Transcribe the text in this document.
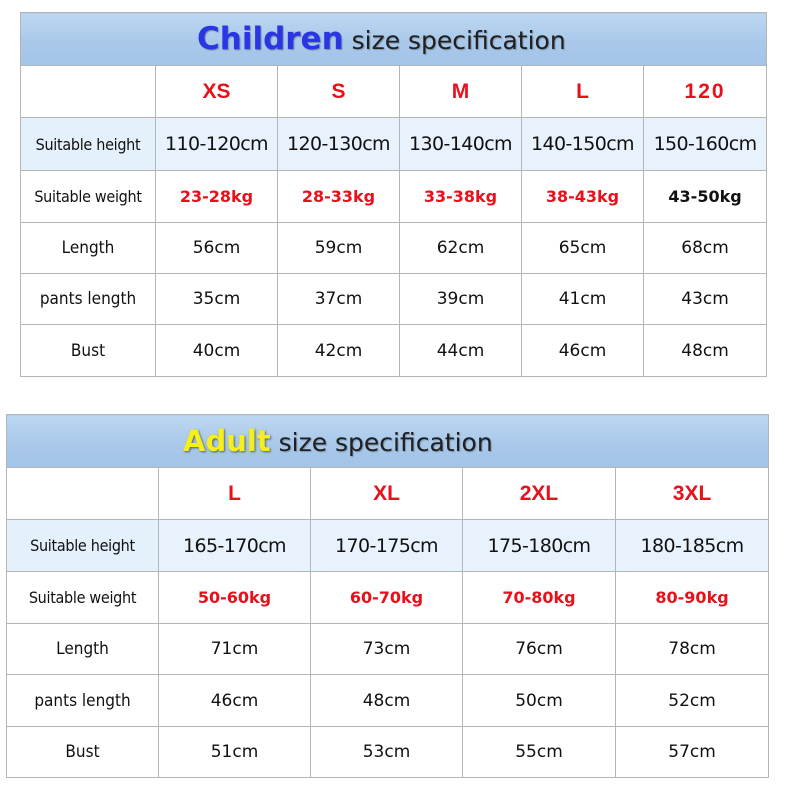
Children size specification					
	XS	S	M	L	120
Suitable height	110-120cm	120-130cm	130-140cm	140-150cm	150-160cm
Suitable weight	23-28kg	28-33kg	33-38kg	38-43kg	43-50kg
Length	56cm	59cm	62cm	65cm	68cm
pants length	35cm	37cm	39cm	41cm	43cm
Bust	40cm	42cm	44cm	46cm	48cm
Adult size specification				
	L	XL	2XL	3XL
Suitable height	165-170cm	170-175cm	175-180cm	180-185cm
Suitable weight	50-60kg	60-70kg	70-80kg	80-90kg
Length	71cm	73cm	76cm	78cm
pants length	46cm	48cm	50cm	52cm
Bust	51cm	53cm	55cm	57cm
